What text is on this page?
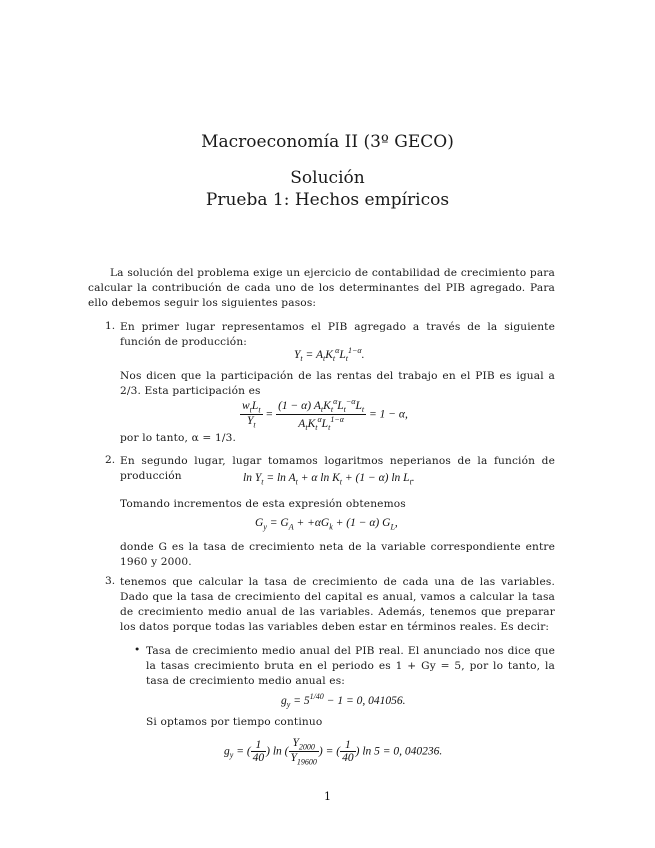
Macroeconomía II (3º GECO)
Solución
Prueba 1: Hechos empíricos
La solución del problema exige un ejercicio de contabilidad de crecimiento para calcular la contribución de cada uno de los determinantes del PIB agregado. Para ello debemos seguir los siguientes pasos:
1. En primer lugar representamos el PIB agregado a través de la siguiente función de producción:
$Y_t = A_tK_t^\alpha L_t^{1-\alpha}$.
Nos dicen que la participación de las rentas del trabajo en el PIB es igual a 2/3. Esta participación es
$\frac{w_tL_t}{Y_t} = \frac{(1 - \alpha) A_tK_t^\alpha L_t^{-\alpha}L_t}{A_tK_t^\alpha L_t^{1-\alpha}} = 1 - \alpha$,
por lo tanto, α = 1/3.
2. En segundo lugar, lugar tomamos logaritmos neperianos de la función de producción	$\ln Y_t = \ln A_t + \alpha$ $\ln K_t + (1 - \alpha)$ $\ln L_t$.
Tomando incrementos de esta expresión obtenemos
$G_y = G_A + +\alpha G_k + (1 - \alpha)$ $G_L$,
donde G es la tasa de crecimiento neta de la variable correspondiente entre 1960 y 2000.
3. tenemos que calcular la tasa de crecimiento de cada una de las variables. Dado que la tasa de crecimiento del capital es anual, vamos a calcular la tasa de crecimiento medio anual de las variables. Además, tenemos que preparar los datos porque todas las variables deben estar en términos reales. Es decir:
• Tasa de crecimiento medio anual del PIB real. El anunciado nos dice que la tasas crecimiento bruta en el periodo es 1 + Gy = 5, por lo tanto, la tasa de crecimiento medio anual es:
$g_y = 5^{1/40} - 1 = 0$, 041056.
Si optamos por tiempo continuo
$g_y$ = ( $\frac{1}{40}$ ) ln ( $\frac{Y_{2000}}{Y_{19600}}$ ) = ( $\frac{1}{40}$ ) ln 5 = 0, 040236.
1
